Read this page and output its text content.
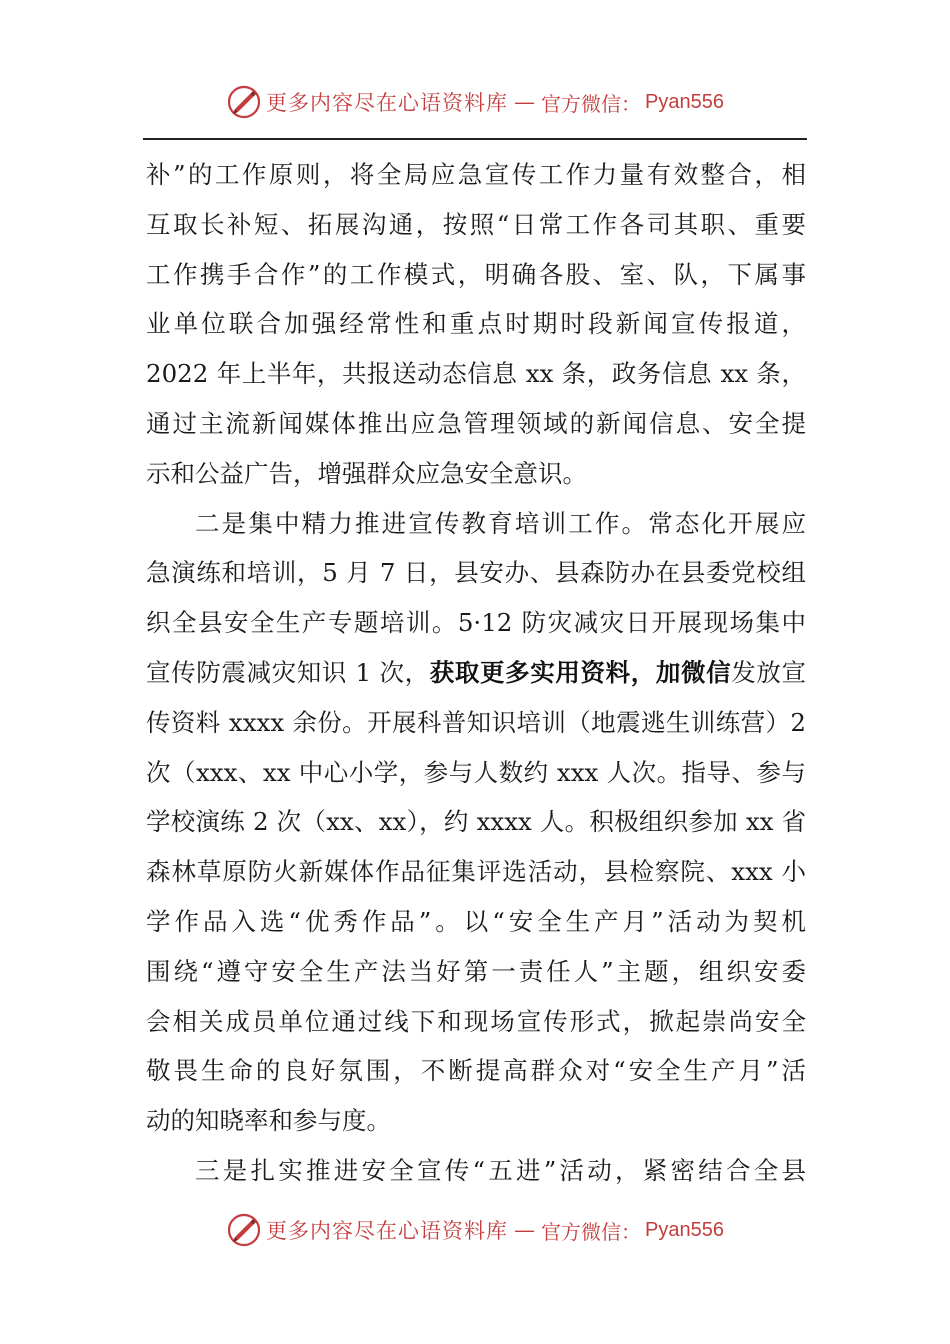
更多内容尽在心语资料库 — 官方微信： Pyan556
补”的工作原则，将全局应急宣传工作力量有效整合，相
互取长补短、拓展沟通，按照“日常工作各司其职、重要
工作携手合作”的工作模式，明确各股、室、队，下属事
业单位联合加强经常性和重点时期时段新闻宣传报道，
2022 年上半年，共报送动态信息 xx 条，政务信息 xx 条，
通过主流新闻媒体推出应急管理领域的新闻信息、安全提
示和公益广告，增强群众应急安全意识。
二是集中精力推进宣传教育培训工作。常态化开展应
急演练和培训，5 月 7 日，县安办、县森防办在县委党校组
织全县安全生产专题培训。5·12 防灾减灾日开展现场集中
宣传防震减灾知识 1 次，获取更多实用资料，加微信发放宣
传资料 xxxx 余份。开展科普知识培训（地震逃生训练营）2
次（xxx、xx 中心小学，参与人数约 xxx 人次。指导、参与
学校演练 2 次（xx、xx），约 xxxx 人。积极组织参加 xx 省
森林草原防火新媒体作品征集评选活动，县检察院、xxx 小
学作品入选“优秀作品”。以“安全生产月”活动为契机
围绕“遵守安全生产法当好第一责任人”主题，组织安委
会相关成员单位通过线下和现场宣传形式，掀起崇尚安全
敬畏生命的良好氛围，不断提高群众对“安全生产月”活
动的知晓率和参与度。
三是扎实推进安全宣传“五进”活动，紧密结合全县
更多内容尽在心语资料库 — 官方微信： Pyan556
